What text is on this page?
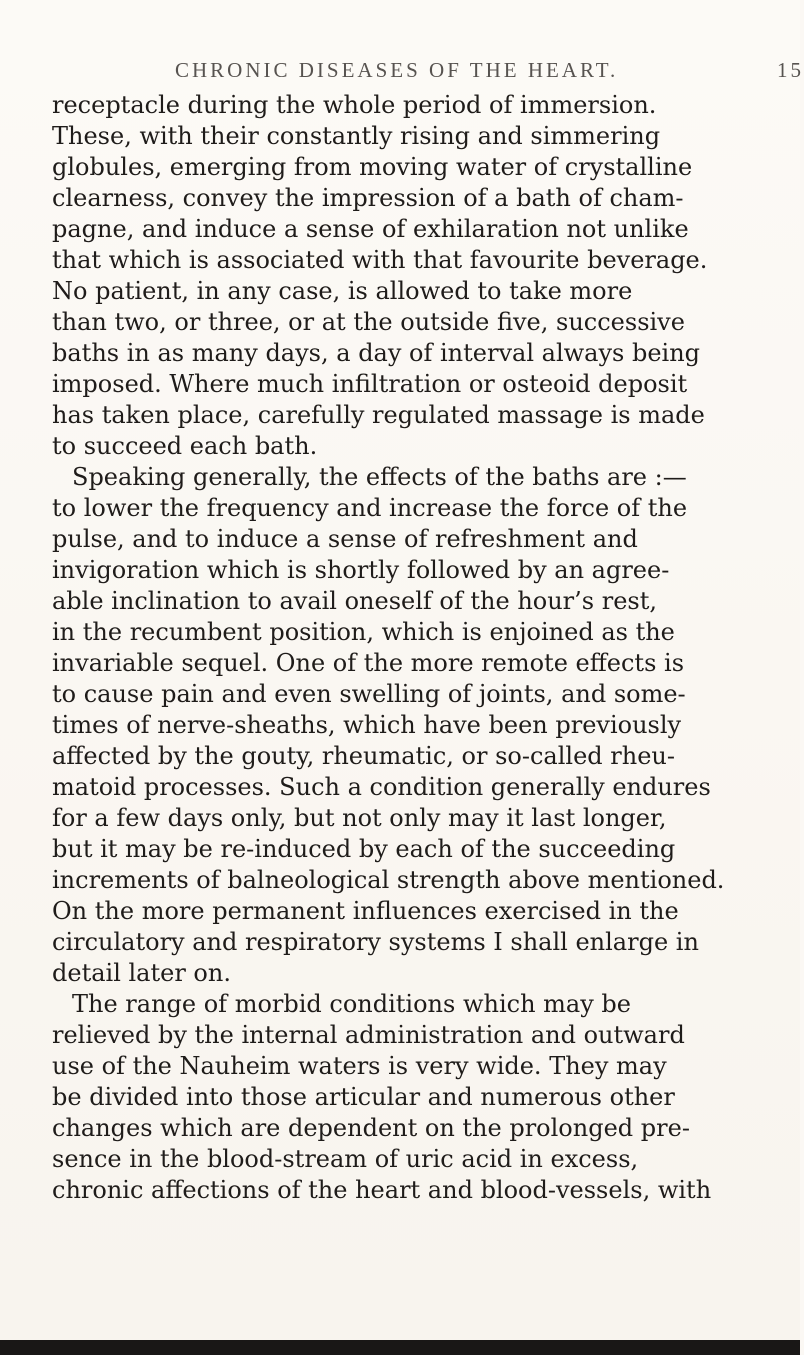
CHRONIC DISEASES OF THE HEART.	15
receptacle during the whole period of immersion.
These, with their constantly rising and simmering
globules, emerging from moving water of crystalline
clearness, convey the impression of a bath of cham-
pagne, and induce a sense of exhilaration not unlike
that which is associated with that favourite beverage.
No patient, in any case, is allowed to take more
than two, or three, or at the outside five, successive
baths in as many days, a day of interval always being
imposed. Where much infiltration or osteoid deposit
has taken place, carefully regulated massage is made
to succeed each bath.
Speaking generally, the effects of the baths are :—
to lower the frequency and increase the force of the
pulse, and to induce a sense of refreshment and
invigoration which is shortly followed by an agree-
able inclination to avail oneself of the hour’s rest,
in the recumbent position, which is enjoined as the
invariable sequel. One of the more remote effects is
to cause pain and even swelling of joints, and some-
times of nerve-sheaths, which have been previously
affected by the gouty, rheumatic, or so-called rheu-
matoid processes. Such a condition generally endures
for a few days only, but not only may it last longer,
but it may be re-induced by each of the succeeding
increments of balneological strength above mentioned.
On the more permanent influences exercised in the
circulatory and respiratory systems I shall enlarge in
detail later on.
The range of morbid conditions which may be
relieved by the internal administration and outward
use of the Nauheim waters is very wide. They may
be divided into those articular and numerous other
changes which are dependent on the prolonged pre-
sence in the blood-stream of uric acid in excess,
chronic affections of the heart and blood-vessels, with
